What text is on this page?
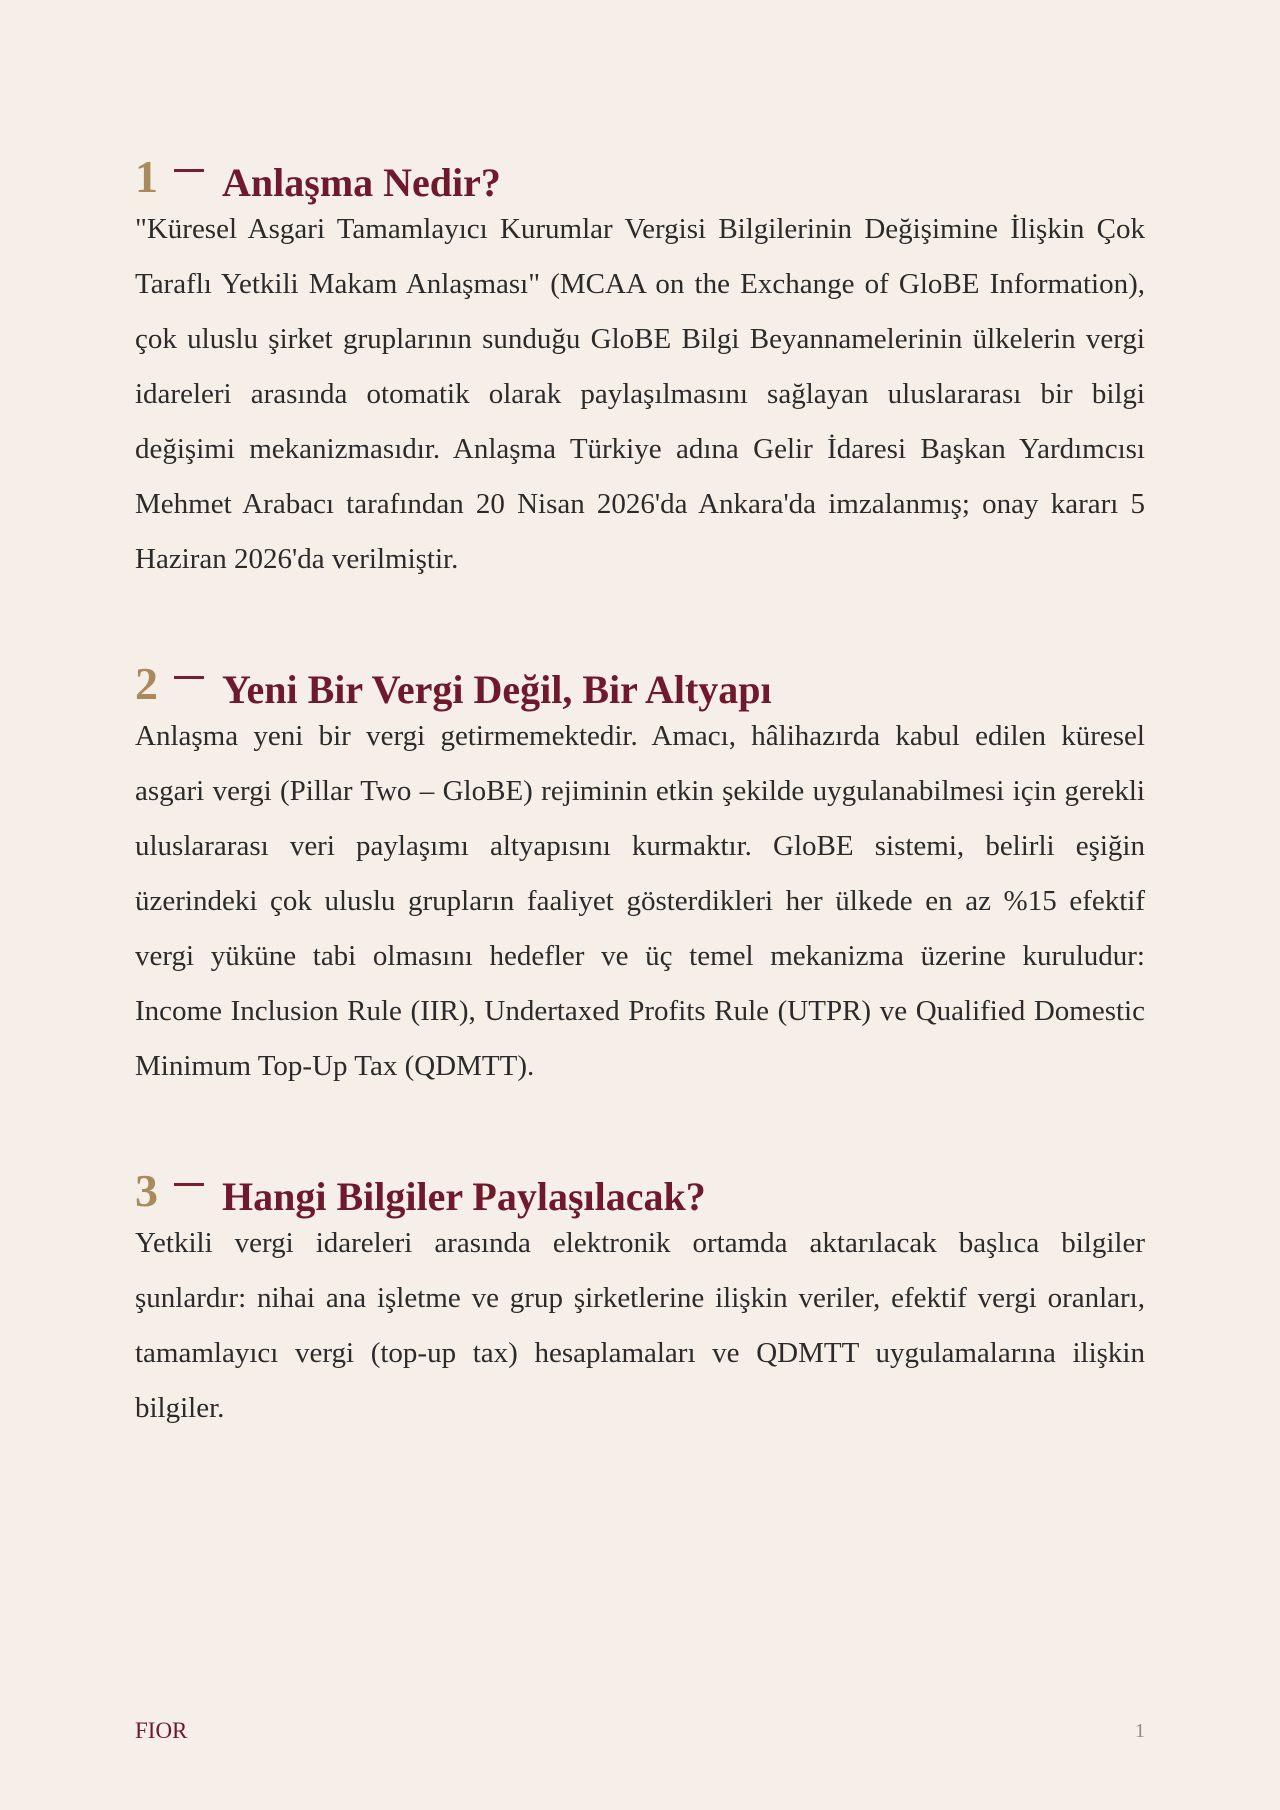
1 Anlaşma Nedir?

"Küresel Asgari Tamamlayıcı Kurumlar Vergisi Bilgilerinin Değişimine İlişkin Çok Taraflı Yetkili Makam Anlaşması" (MCAA on the Exchange of GloBE Information), çok uluslu şirket gruplarının sunduğu GloBE Bilgi Beyannamelerinin ülkelerin vergi idareleri arasında otomatik olarak paylaşılmasını sağlayan uluslararası bir bilgi değişimi mekanizmasıdır. Anlaşma Türkiye adına Gelir İdaresi Başkan Yardımcısı Mehmet Arabacı tarafından 20 Nisan 2026'da Ankara'da imzalanmış; onay kararı 5 Haziran 2026'da verilmiştir.

2 Yeni Bir Vergi Değil, Bir Altyapı

Anlaşma yeni bir vergi getirmemektedir. Amacı, hâlihazırda kabul edilen küresel asgari vergi (Pillar Two – GloBE) rejiminin etkin şekilde uygulanabilmesi için gerekli uluslararası veri paylaşımı altyapısını kurmaktır. GloBE sistemi, belirli eşiğin üzerindeki çok uluslu grupların faaliyet gösterdikleri her ülkede en az %15 efektif vergi yüküne tabi olmasını hedefler ve üç temel mekanizma üzerine kuruludur: Income Inclusion Rule (IIR), Undertaxed Profits Rule (UTPR) ve Qualified Domestic Minimum Top-Up Tax (QDMTT).

3 Hangi Bilgiler Paylaşılacak?

Yetkili vergi idareleri arasında elektronik ortamda aktarılacak başlıca bilgiler şunlardır: nihai ana işletme ve grup şirketlerine ilişkin veriler, efektif vergi oranları, tamamlayıcı vergi (top-up tax) hesaplamaları ve QDMTT uygulamalarına ilişkin bilgiler.

FIOR	1
